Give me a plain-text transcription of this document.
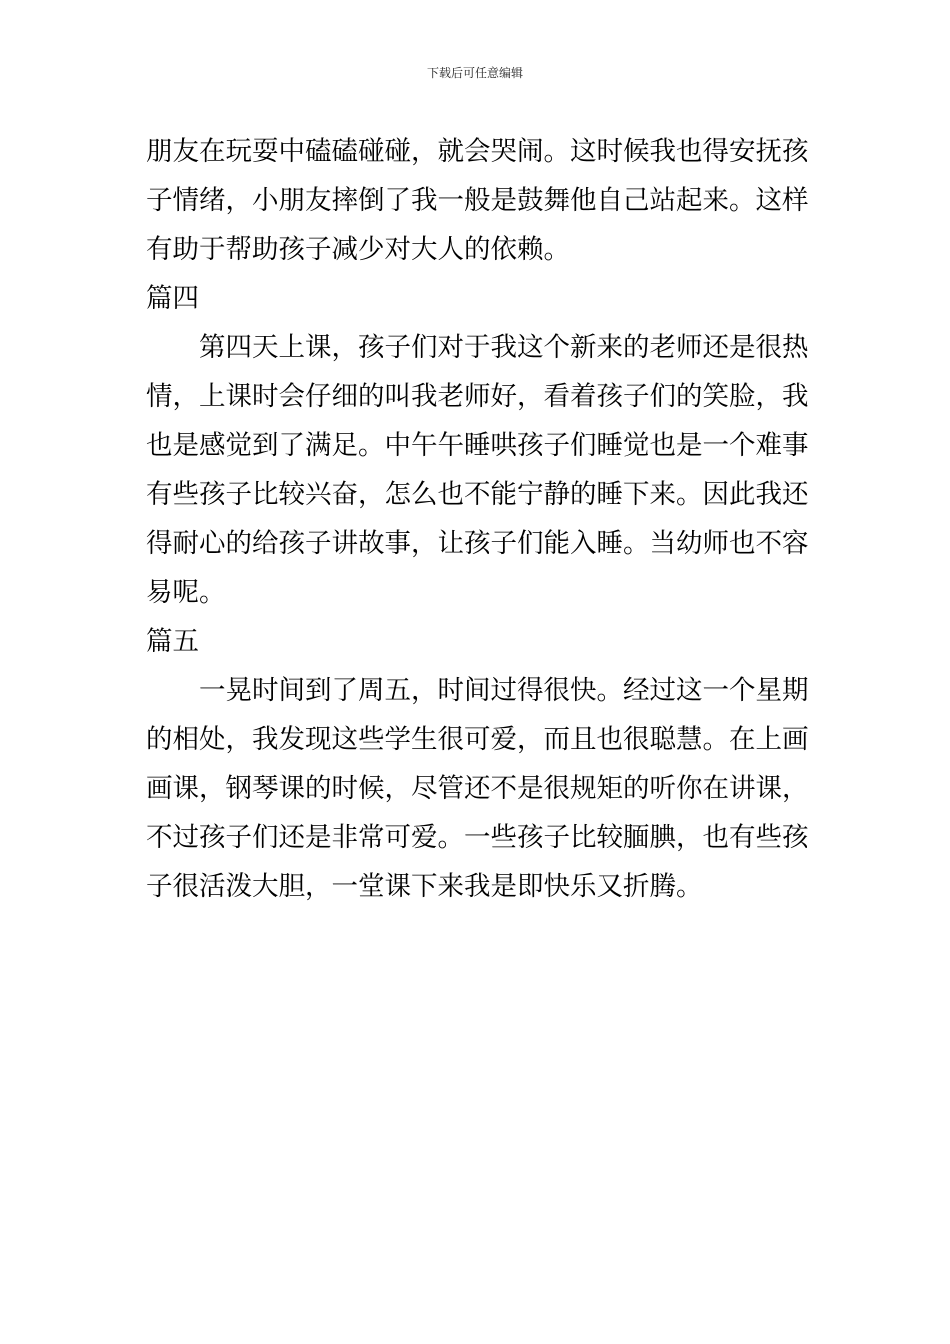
下载后可任意编辑
朋友在玩耍中磕磕碰碰，就会哭闹。这时候我也得安抚孩
子情绪，小朋友摔倒了我一般是鼓舞他自己站起来。这样
有助于帮助孩子减少对大人的依赖。
篇四
第四天上课，孩子们对于我这个新来的老师还是很热
情，上课时会仔细的叫我老师好，看着孩子们的笑脸，我
也是感觉到了满足。中午午睡哄孩子们睡觉也是一个难事
有些孩子比较兴奋，怎么也不能宁静的睡下来。因此我还
得耐心的给孩子讲故事，让孩子们能入睡。当幼师也不容
易呢。
篇五
一晃时间到了周五，时间过得很快。经过这一个星期
的相处，我发现这些学生很可爱，而且也很聪慧。在上画
画课，钢琴课的时候，尽管还不是很规矩的听你在讲课，
不过孩子们还是非常可爱。一些孩子比较腼腆，也有些孩
子很活泼大胆，一堂课下来我是即快乐又折腾。
